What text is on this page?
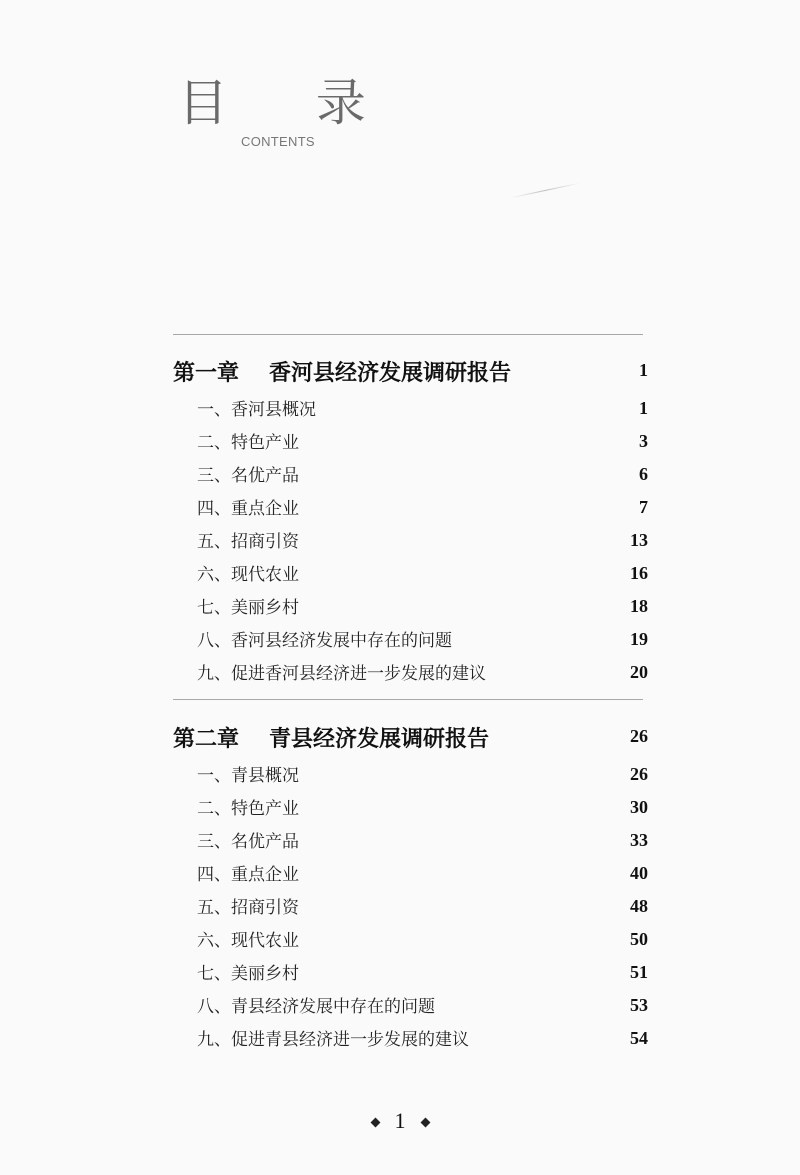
目 录
CONTENTS
第一章 香河县经济发展调研报告	1
一、香河县概况	1
二、特色产业	3
三、名优产品	6
四、重点企业	7
五、招商引资	13
六、现代农业	16
七、美丽乡村	18
八、香河县经济发展中存在的问题	19
九、促进香河县经济进一步发展的建议	20
第二章 青县经济发展调研报告	26
一、青县概况	26
二、特色产业	30
三、名优产品	33
四、重点企业	40
五、招商引资	48
六、现代农业	50
七、美丽乡村	51
八、青县经济发展中存在的问题	53
九、促进青县经济进一步发展的建议	54
1
